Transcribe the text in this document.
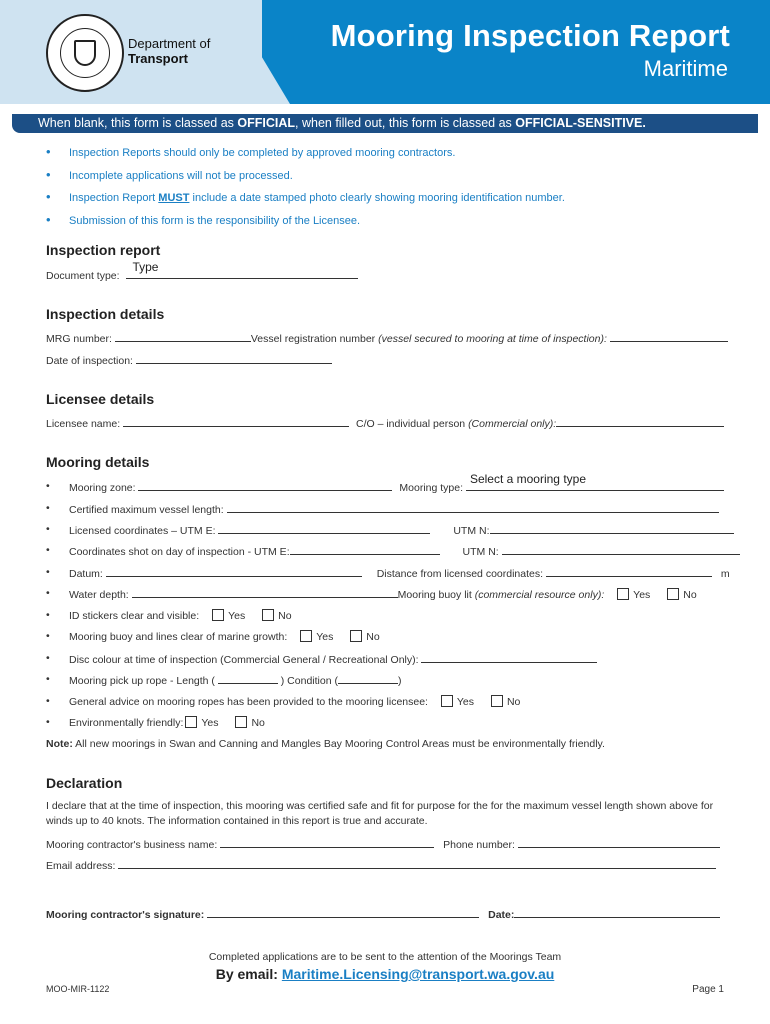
Department of
Transport
Mooring Inspection Report
Maritime
When blank, this form is classed as OFFICIAL, when filled out, this form is classed as OFFICIAL-SENSITIVE.
• Inspection Reports should only be completed by approved mooring contractors.
• Incomplete applications will not be processed.
• Inspection Report MUST include a date stamped photo clearly showing mooring identification number.
• Submission of this form is the responsibility of the Licensee.
Inspection report
Document type:
Type
Inspection details
MRG number:	Vessel registration number (vessel secured to mooring at time of inspection):
Date of inspection:
Licensee details
Licensee name:	C/O – individual person (Commercial only):
Mooring details
• Mooring zone:	Mooring type:
Select a mooring type
• Certified maximum vessel length:
• Licensed coordinates – UTM E:	UTM N:
• Coordinates shot on day of inspection - UTM E:	UTM N:
• Datum:	Distance from licensed coordinates:	m
• Water depth:	Mooring buoy lit (commercial resource only):	Yes	No
• ID stickers clear and visible:	Yes	No
• Mooring buoy and lines clear of marine growth:	Yes	No
• Disc colour at time of inspection (Commercial General / Recreational Only):
• Mooring pick up rope - Length (	) Condition (	)
• General advice on mooring ropes has been provided to the mooring licensee:	Yes	No
• Environmentally friendly: Yes	No
Note: All new moorings in Swan and Canning and Mangles Bay Mooring Control Areas must be environmentally friendly.
Declaration
I declare that at the time of inspection, this mooring was certified safe and fit for purpose for the for the maximum vessel length shown above for
winds up to 40 knots. The information contained in this report is true and accurate.
Mooring contractor's business name:	Phone number:
Email address:
Mooring contractor's signature:	Date:
Completed applications are to be sent to the attention of the Moorings Team
By email: Maritime.Licensing@transport.wa.gov.au
MOO-MIR-1122	Page 1
